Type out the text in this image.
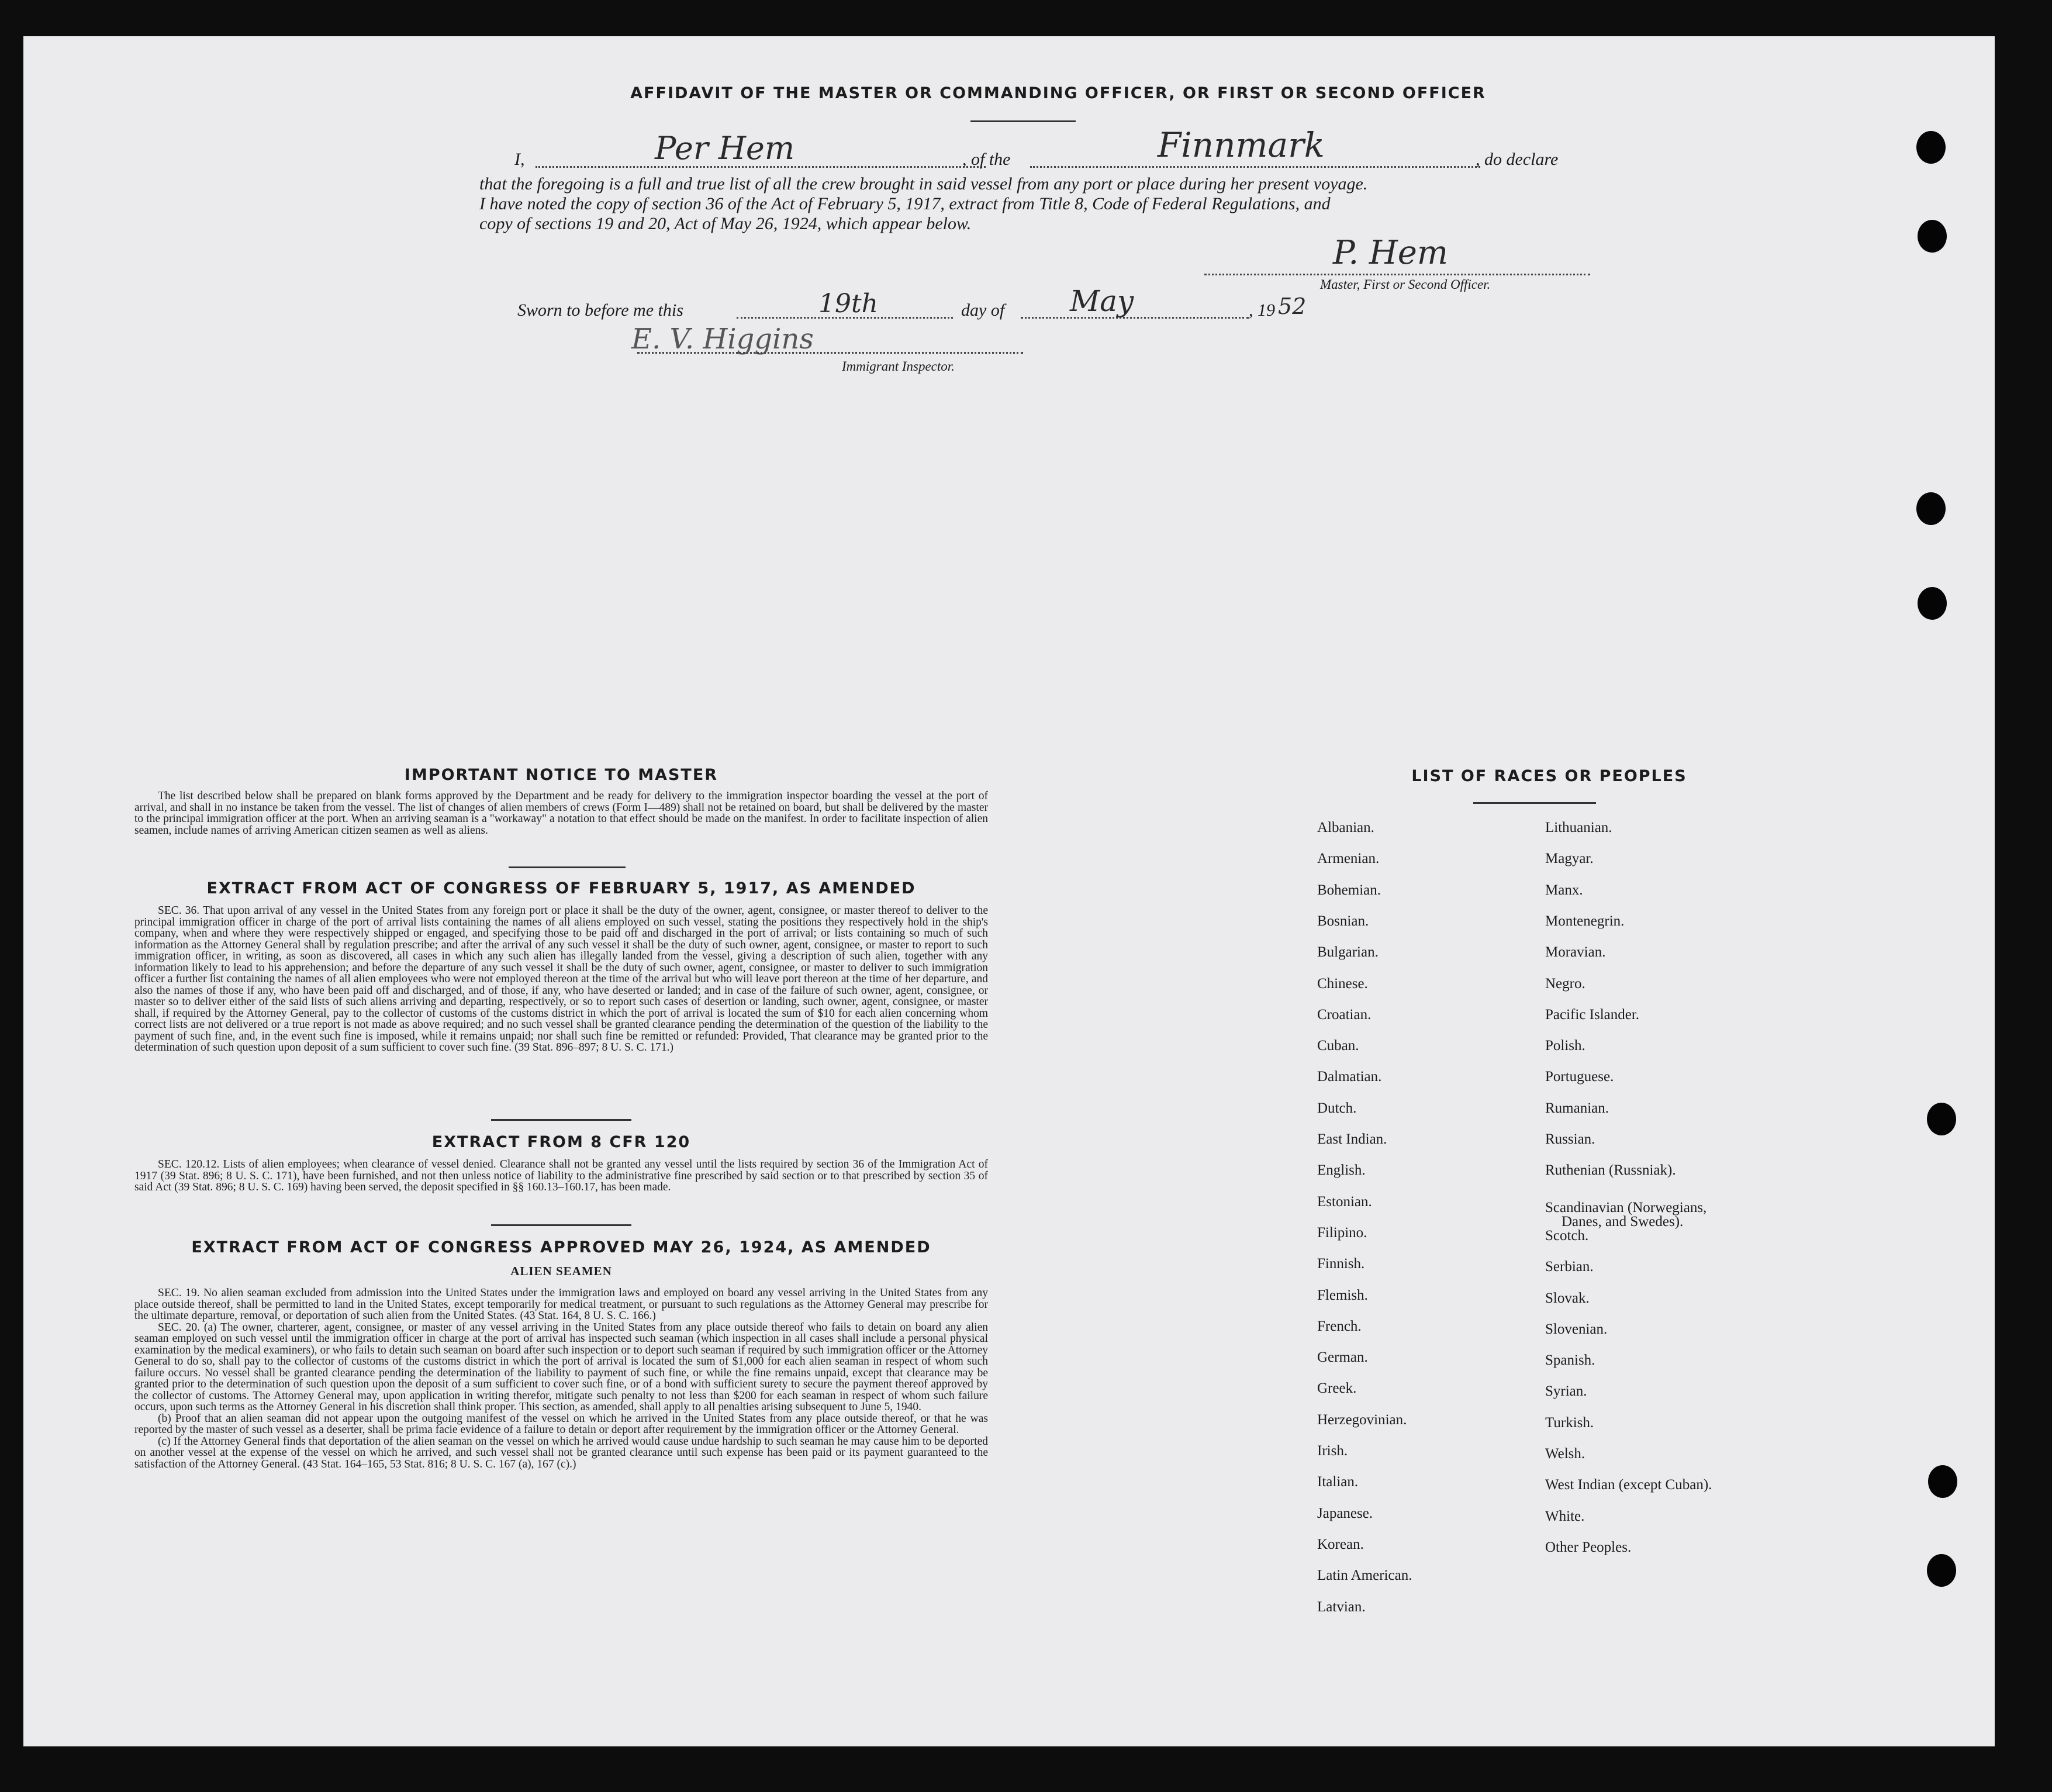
AFFIDAVIT OF THE MASTER OR COMMANDING OFFICER, OR FIRST OR SECOND OFFICER
I,	Per Hem	, of the	Finnmark	, do declare
that the foregoing is a full and true list of all the crew brought in said vessel from any port or place during her present voyage.
I have noted the copy of section 36 of the Act of February 5, 1917, extract from Title 8, Code of Federal Regulations, and
copy of sections 19 and 20, Act of May 26, 1924, which appear below.
P. Hem
Master, First or Second Officer.
Sworn to before me this	19th	day of May	, 19 52
E. V. Higgins
Immigrant Inspector.
IMPORTANT NOTICE TO MASTER

The list described below shall be prepared on blank forms approved by the Department and be ready for delivery to the immigration inspector boarding the vessel at the port of arrival, and shall in no instance be taken from the vessel. The list of changes of alien members of crews (Form I—489) shall not be retained on board, but shall be delivered by the master to the principal immigration officer at the port. When an arriving seaman is a "workaway" a notation to that effect should be made on the manifest. In order to facilitate inspection of alien seamen, include names of arriving American citizen seamen as well as aliens.

EXTRACT FROM ACT OF CONGRESS OF FEBRUARY 5, 1917, AS AMENDED

SEC. 36. That upon arrival of any vessel in the United States from any foreign port or place it shall be the duty of the owner, agent, consignee, or master thereof to deliver to the principal immigration officer in charge of the port of arrival lists containing the names of all aliens employed on such vessel, stating the positions they respectively hold in the ship's company, when and where they were respectively shipped or engaged, and specifying those to be paid off and discharged in the port of arrival; or lists containing so much of such information as the Attorney General shall by regulation prescribe; and after the arrival of any such vessel it shall be the duty of such owner, agent, consignee, or master to report to such immigration officer, in writing, as soon as discovered, all cases in which any such alien has illegally landed from the vessel, giving a description of such alien, together with any information likely to lead to his apprehension; and before the departure of any such vessel it shall be the duty of such owner, agent, consignee, or master to deliver to such immigration officer a further list containing the names of all alien employees who were not employed thereon at the time of the arrival but who will leave port thereon at the time of her departure, and also the names of those if any, who have been paid off and discharged, and of those, if any, who have deserted or landed; and in case of the failure of such owner, agent, consignee, or master so to deliver either of the said lists of such aliens arriving and departing, respectively, or so to report such cases of desertion or landing, such owner, agent, consignee, or master shall, if required by the Attorney General, pay to the collector of customs of the customs district in which the port of arrival is located the sum of $10 for each alien concerning whom correct lists are not delivered or a true report is not made as above required; and no such vessel shall be granted clearance pending the determination of the question of the liability to the payment of such fine, and, in the event such fine is imposed, while it remains unpaid; nor shall such fine be remitted or refunded: Provided, That clearance may be granted prior to the determination of such question upon deposit of a sum sufficient to cover such fine. (39 Stat. 896–897; 8 U. S. C. 171.)

EXTRACT FROM 8 CFR 120

SEC. 120.12. Lists of alien employees; when clearance of vessel denied. Clearance shall not be granted any vessel until the lists required by section 36 of the Immigration Act of 1917 (39 Stat. 896; 8 U. S. C. 171), have been furnished, and not then unless notice of liability to the administrative fine prescribed by said section or to that prescribed by section 35 of said Act (39 Stat. 896; 8 U. S. C. 169) having been served, the deposit specified in §§ 160.13–160.17, has been made.

EXTRACT FROM ACT OF CONGRESS APPROVED MAY 26, 1924, AS AMENDED
ALIEN SEAMEN

SEC. 19. No alien seaman excluded from admission into the United States under the immigration laws and employed on board any vessel arriving in the United States from any place outside thereof, shall be permitted to land in the United States, except temporarily for medical treatment, or pursuant to such regulations as the Attorney General may prescribe for the ultimate departure, removal, or deportation of such alien from the United States. (43 Stat. 164, 8 U. S. C. 166.)

SEC. 20. (a) The owner, charterer, agent, consignee, or master of any vessel arriving in the United States from any place outside thereof who fails to detain on board any alien seaman employed on such vessel until the immigration officer in charge at the port of arrival has inspected such seaman (which inspection in all cases shall include a personal physical examination by the medical examiners), or who fails to detain such seaman on board after such inspection or to deport such seaman if required by such immigration officer or the Attorney General to do so, shall pay to the collector of customs of the customs district in which the port of arrival is located the sum of $1,000 for each alien seaman in respect of whom such failure occurs. No vessel shall be granted clearance pending the determination of the liability to payment of such fine, or while the fine remains unpaid, except that clearance may be granted prior to the determination of such question upon the deposit of a sum sufficient to cover such fine, or of a bond with sufficient surety to secure the payment thereof approved by the collector of customs. The Attorney General may, upon application in writing therefor, mitigate such penalty to not less than $200 for each seaman in respect of whom such failure occurs, upon such terms as the Attorney General in his discretion shall think proper. This section, as amended, shall apply to all penalties arising subsequent to June 5, 1940.

(b) Proof that an alien seaman did not appear upon the outgoing manifest of the vessel on which he arrived in the United States from any place outside thereof, or that he was reported by the master of such vessel as a deserter, shall be prima facie evidence of a failure to detain or deport after requirement by the immigration officer or the Attorney General.

(c) If the Attorney General finds that deportation of the alien seaman on the vessel on which he arrived would cause undue hardship to such seaman he may cause him to be deported on another vessel at the expense of the vessel on which he arrived, and such vessel shall not be granted clearance until such expense has been paid or its payment guaranteed to the satisfaction of the Attorney General. (43 Stat. 164–165, 53 Stat. 816; 8 U. S. C. 167 (a), 167 (c).)

LIST OF RACES OR PEOPLES
Albanian.
Armenian.
Bohemian.
Bosnian.
Bulgarian.
Chinese.
Croatian.
Cuban.
Dalmatian.
Dutch.
East Indian.
English.
Estonian.
Filipino.
Finnish.
Flemish.
French.
German.
Greek.
Herzegovinian.
Irish.
Italian.
Japanese.
Korean.
Latin American.
Latvian.
Lithuanian.
Magyar.
Manx.
Montenegrin.
Moravian.
Negro.
Pacific Islander.
Polish.
Portuguese.
Rumanian.
Russian.
Ruthenian (Russniak).
Scandinavian (Norwegians,
Danes, and Swedes).
Scotch.
Serbian.
Slovak.
Slovenian.
Spanish.
Syrian.
Turkish.
Welsh.
West Indian (except Cuban).
White.
Other Peoples.
